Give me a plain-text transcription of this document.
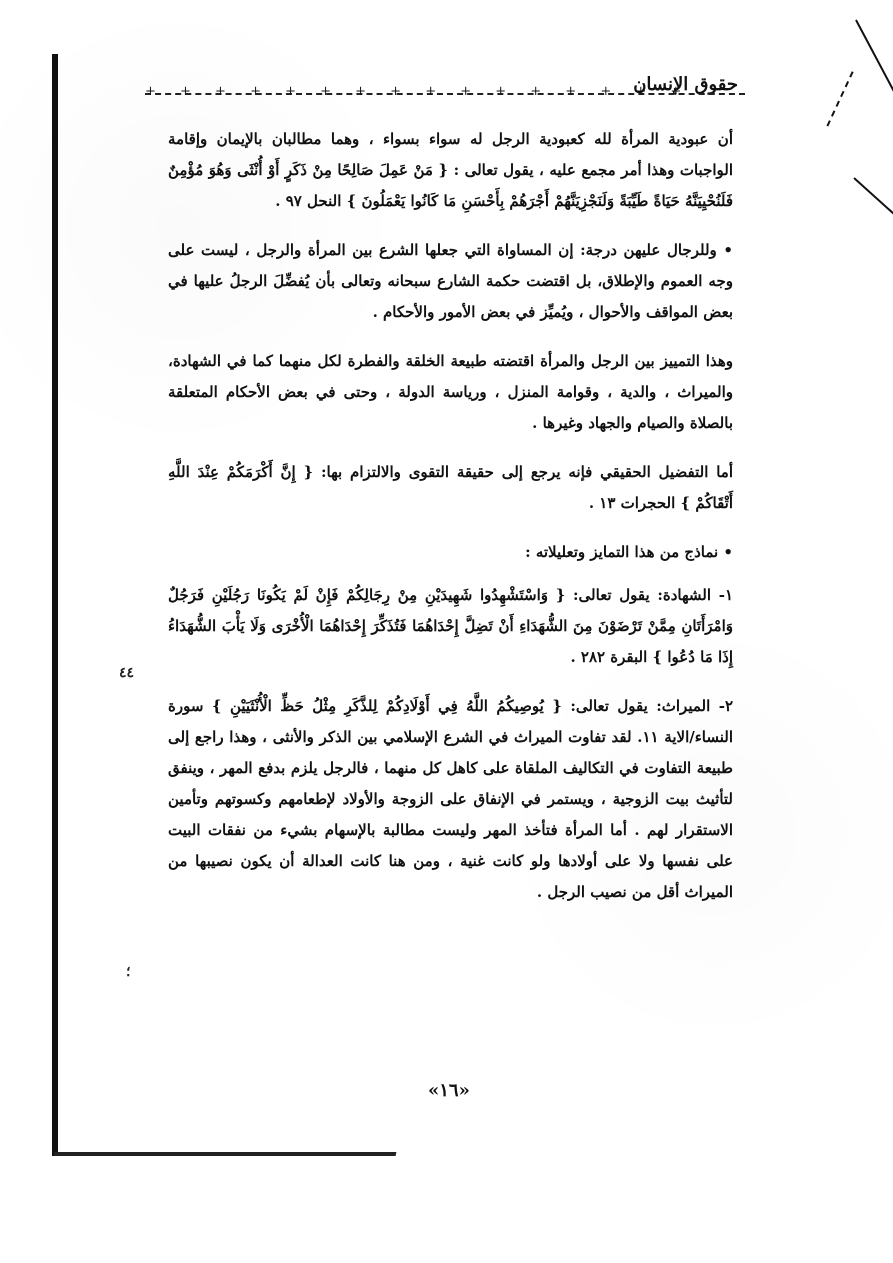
حقوق الإنسان
+ + + + + + + + + + + + + + + +

أن عبودية المرأة لله كعبودية الرجل له سواء بسواء ، وهما مطالبان بالإيمان وإقامة الواجبات وهذا أمر مجمع عليه ، يقول تعالى : { مَنْ عَمِلَ صَالِحًا مِنْ ذَكَرٍ أَوْ أُنْثَى وَهُوَ مُؤْمِنٌ فَلَنُحْيِيَنَّهُ حَيَاةً طَيِّبَةً وَلَنَجْزِيَنَّهُمْ أَجْرَهُمْ بِأَحْسَنِ مَا كَانُوا يَعْمَلُونَ } النحل ٩٧ .

• وللرجال عليهن درجة: إن المساواة التي جعلها الشرع بين المرأة والرجل ، ليست على وجه العموم والإطلاق، بل اقتضت حكمة الشارع سبحانه وتعالى بأن يُفضِّلَ الرجلُ عليها في بعض المواقف والأحوال ، ويُميِّز في بعض الأمور والأحكام .

وهذا التمييز بين الرجل والمرأة اقتضته طبيعة الخلقة والفطرة لكل منهما كما في الشهادة، والميراث ، والدية ، وقوامة المنزل ، ورياسة الدولة ، وحتى في بعض الأحكام المتعلقة بالصلاة والصيام والجهاد وغيرها .

أما التفضيل الحقيقي فإنه يرجع إلى حقيقة التقوى والالتزام بها: { إِنَّ أَكْرَمَكُمْ عِنْدَ اللَّهِ أَتْقَاكُمْ } الحجرات ١٣ .

• نماذج من هذا التمايز وتعليلاته :

١- الشهادة: يقول تعالى: { وَاسْتَشْهِدُوا شَهِيدَيْنِ مِنْ رِجَالِكُمْ فَإِنْ لَمْ يَكُونَا رَجُلَيْنِ فَرَجُلٌ وَامْرَأَتَانِ مِمَّنْ تَرْضَوْنَ مِنَ الشُّهَدَاءِ أَنْ تَضِلَّ إِحْدَاهُمَا فَتُذَكِّرَ إِحْدَاهُمَا الْأُخْرَى وَلَا يَأْبَ الشُّهَدَاءُ إِذَا مَا دُعُوا } البقرة ٢٨٢ .

٢- الميراث: يقول تعالى: { يُوصِيكُمُ اللَّهُ فِي أَوْلَادِكُمْ لِلذَّكَرِ مِثْلُ حَظِّ الْأُنْثَيَيْنِ } سورة النساء/الاية ١١. لقد تفاوت الميراث في الشرع الإسلامي بين الذكر والأنثى ، وهذا راجع إلى طبيعة التفاوت في التكاليف الملقاة على كاهل كل منهما ، فالرجل يلزم بدفع المهر ، وينفق لتأثيث بيت الزوجية ، ويستمر في الإنفاق على الزوجة والأولاد لإطعامهم وكسوتهم وتأمين الاستقرار لهم . أما المرأة فتأخذ المهر وليست مطالبة بالإسهام بشيء من نفقات البيت على نفسها ولا على أولادها ولو كانت غنية ، ومن هنا كانت العدالة أن يكون نصيبها من الميراث أقل من نصيب الرجل .

٤٤
؛
«١٦»
